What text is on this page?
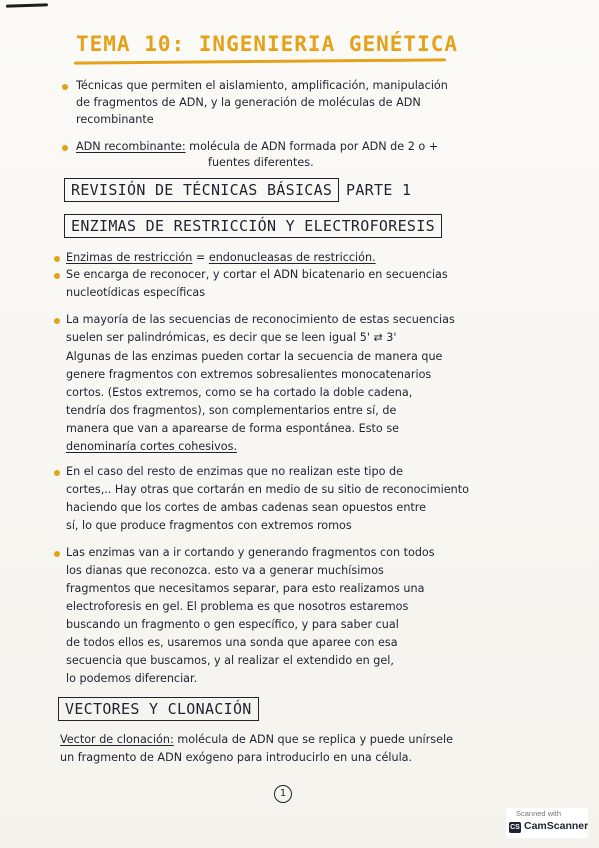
TEMA 10: INGENIERIA GENÉTICA
Técnicas que permiten el aislamiento, amplificación, manipulación
de fragmentos de ADN, y la generación de moléculas de ADN
recombinante
ADN recombinante: molécula de ADN formada por ADN de 2 o +
fuentes diferentes.
REVISIÓN DE TÉCNICAS BÁSICAS PARTE 1
ENZIMAS DE RESTRICCIÓN Y ELECTROFORESIS
Enzimas de restricción = endonucleasas de restricción.
Se encarga de reconocer, y cortar el ADN bicatenario en secuencias
nucleotídicas específicas
La mayoría de las secuencias de reconocimiento de estas secuencias
suelen ser palindrómicas, es decir que se leen igual 5' ⇄ 3'
Algunas de las enzimas pueden cortar la secuencia de manera que
genere fragmentos con extremos sobresalientes monocatenarios
cortos. (Estos extremos, como se ha cortado la doble cadena,
tendría dos fragmentos), son complementarios entre sí, de
manera que van a aparearse de forma espontánea. Esto se
denominaría cortes cohesivos.
En el caso del resto de enzimas que no realizan este tipo de
cortes,.. Hay otras que cortarán en medio de su sitio de reconocimiento
haciendo que los cortes de ambas cadenas sean opuestos entre
sí, lo que produce fragmentos con extremos romos
Las enzimas van a ir cortando y generando fragmentos con todos
los dianas que reconozca. esto va a generar muchísimos
fragmentos que necesitamos separar, para esto realizamos una
electroforesis en gel. El problema es que nosotros estaremos
buscando un fragmento o gen específico, y para saber cual
de todos ellos es, usaremos una sonda que aparee con esa
secuencia que buscamos, y al realizar el extendido en gel,
lo podemos diferenciar.
VECTORES Y CLONACIÓN
Vector de clonación: molécula de ADN que se replica y puede unírsele
un fragmento de ADN exógeno para introducirlo en una célula.
1
Scanned with
CS CamScanner
